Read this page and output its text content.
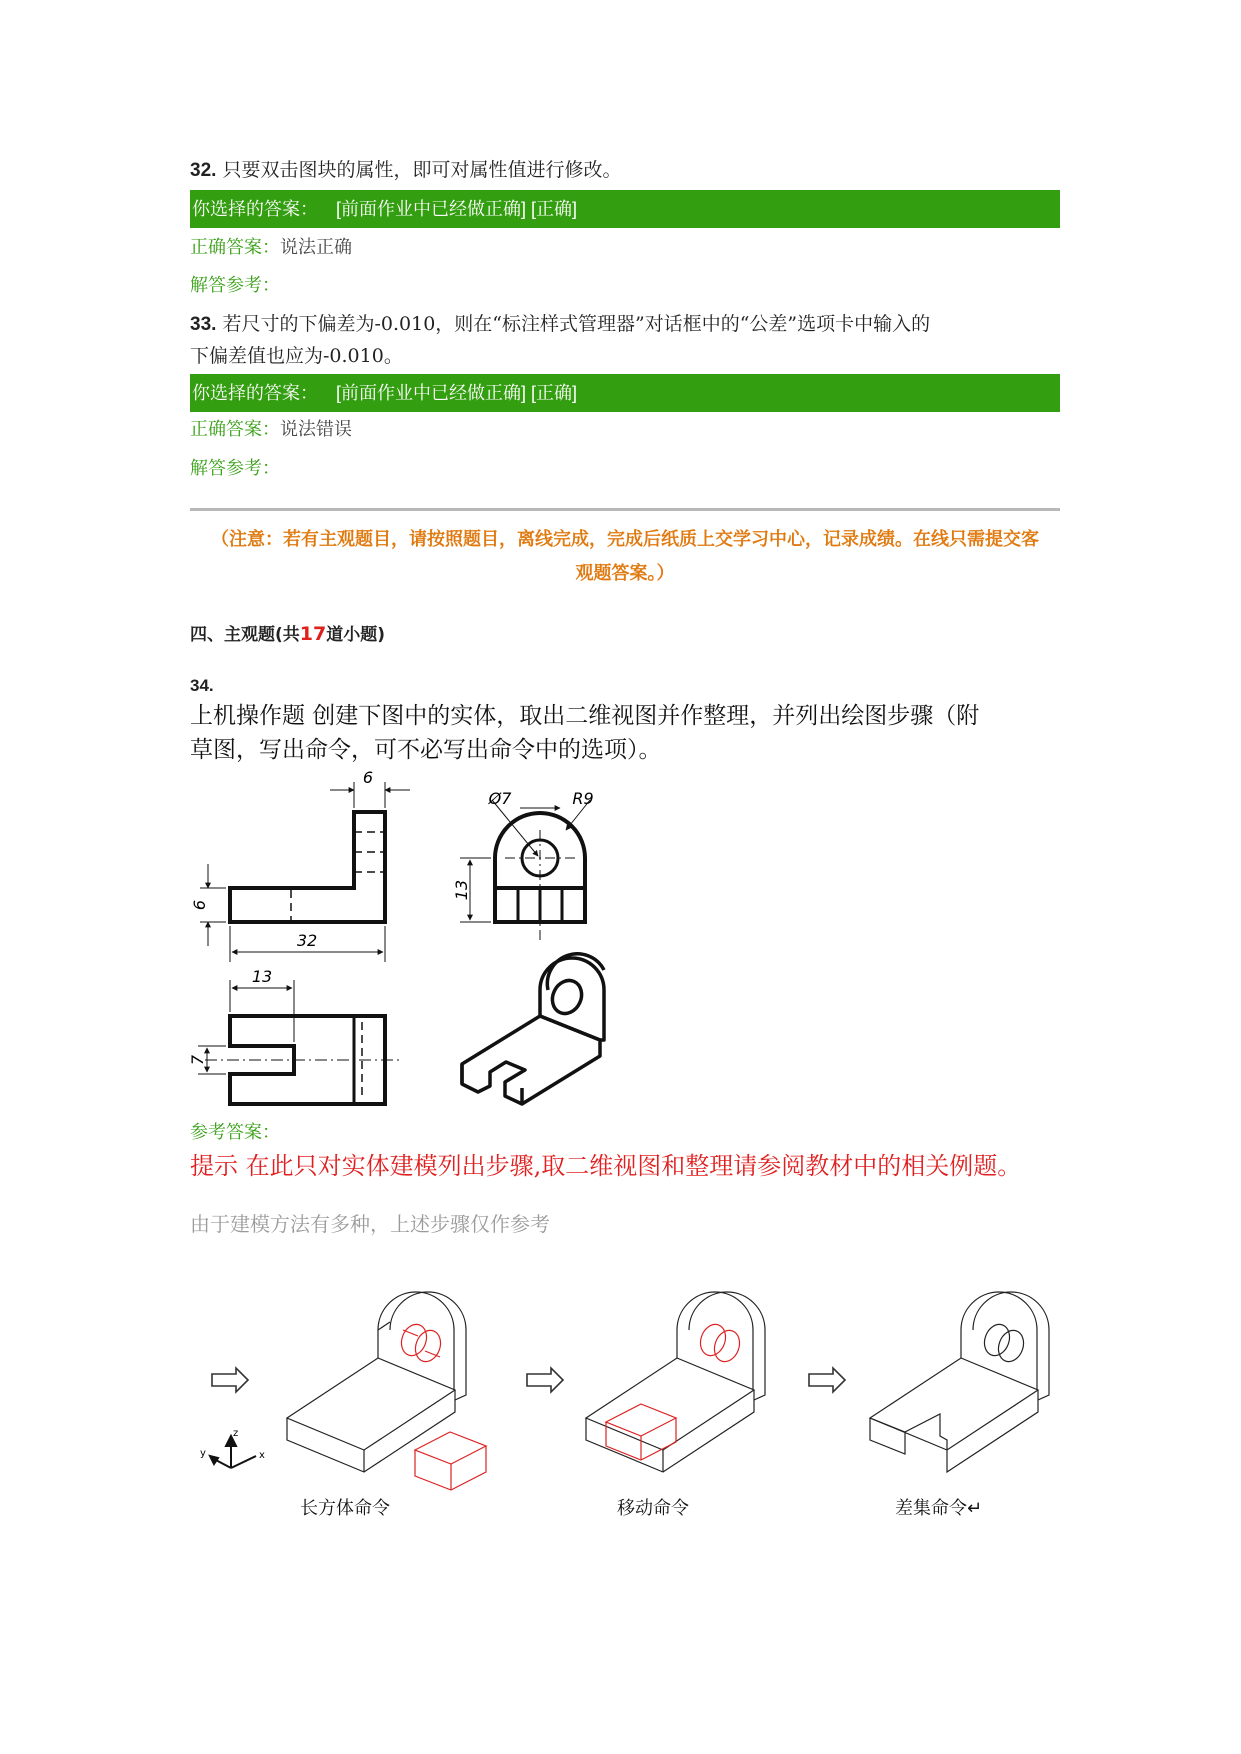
32. 只要双击图块的属性，即可对属性值进行修改。
你选择的答案： [前面作业中已经做正确] [正确]
正确答案：说法正确
解答参考：
33. 若尺寸的下偏差为-0.010，则在“标注样式管理器”对话框中的“公差”选项卡中输入的
下偏差值也应为-0.010。
你选择的答案： [前面作业中已经做正确] [正确]
正确答案：说法错误
解答参考：
（注意：若有主观题目，请按照题目，离线完成，完成后纸质上交学习中心，记录成绩。在线只需提交客
观题答案。）
四、主观题(共17道小题)
34.
上机操作题 创建下图中的实体，取出二维视图并作整理，并列出绘图步骤（附
草图，写出命令，可不必写出命令中的选项）。
6
6
32
Ø7	R9
13
13
7
参考答案：
提示 在此只对实体建模列出步骤,取二维视图和整理请参阅教材中的相关例题。
由于建模方法有多种，上述步骤仅作参考
z
y	x
长方体命令	移动命令	差集命令↵
